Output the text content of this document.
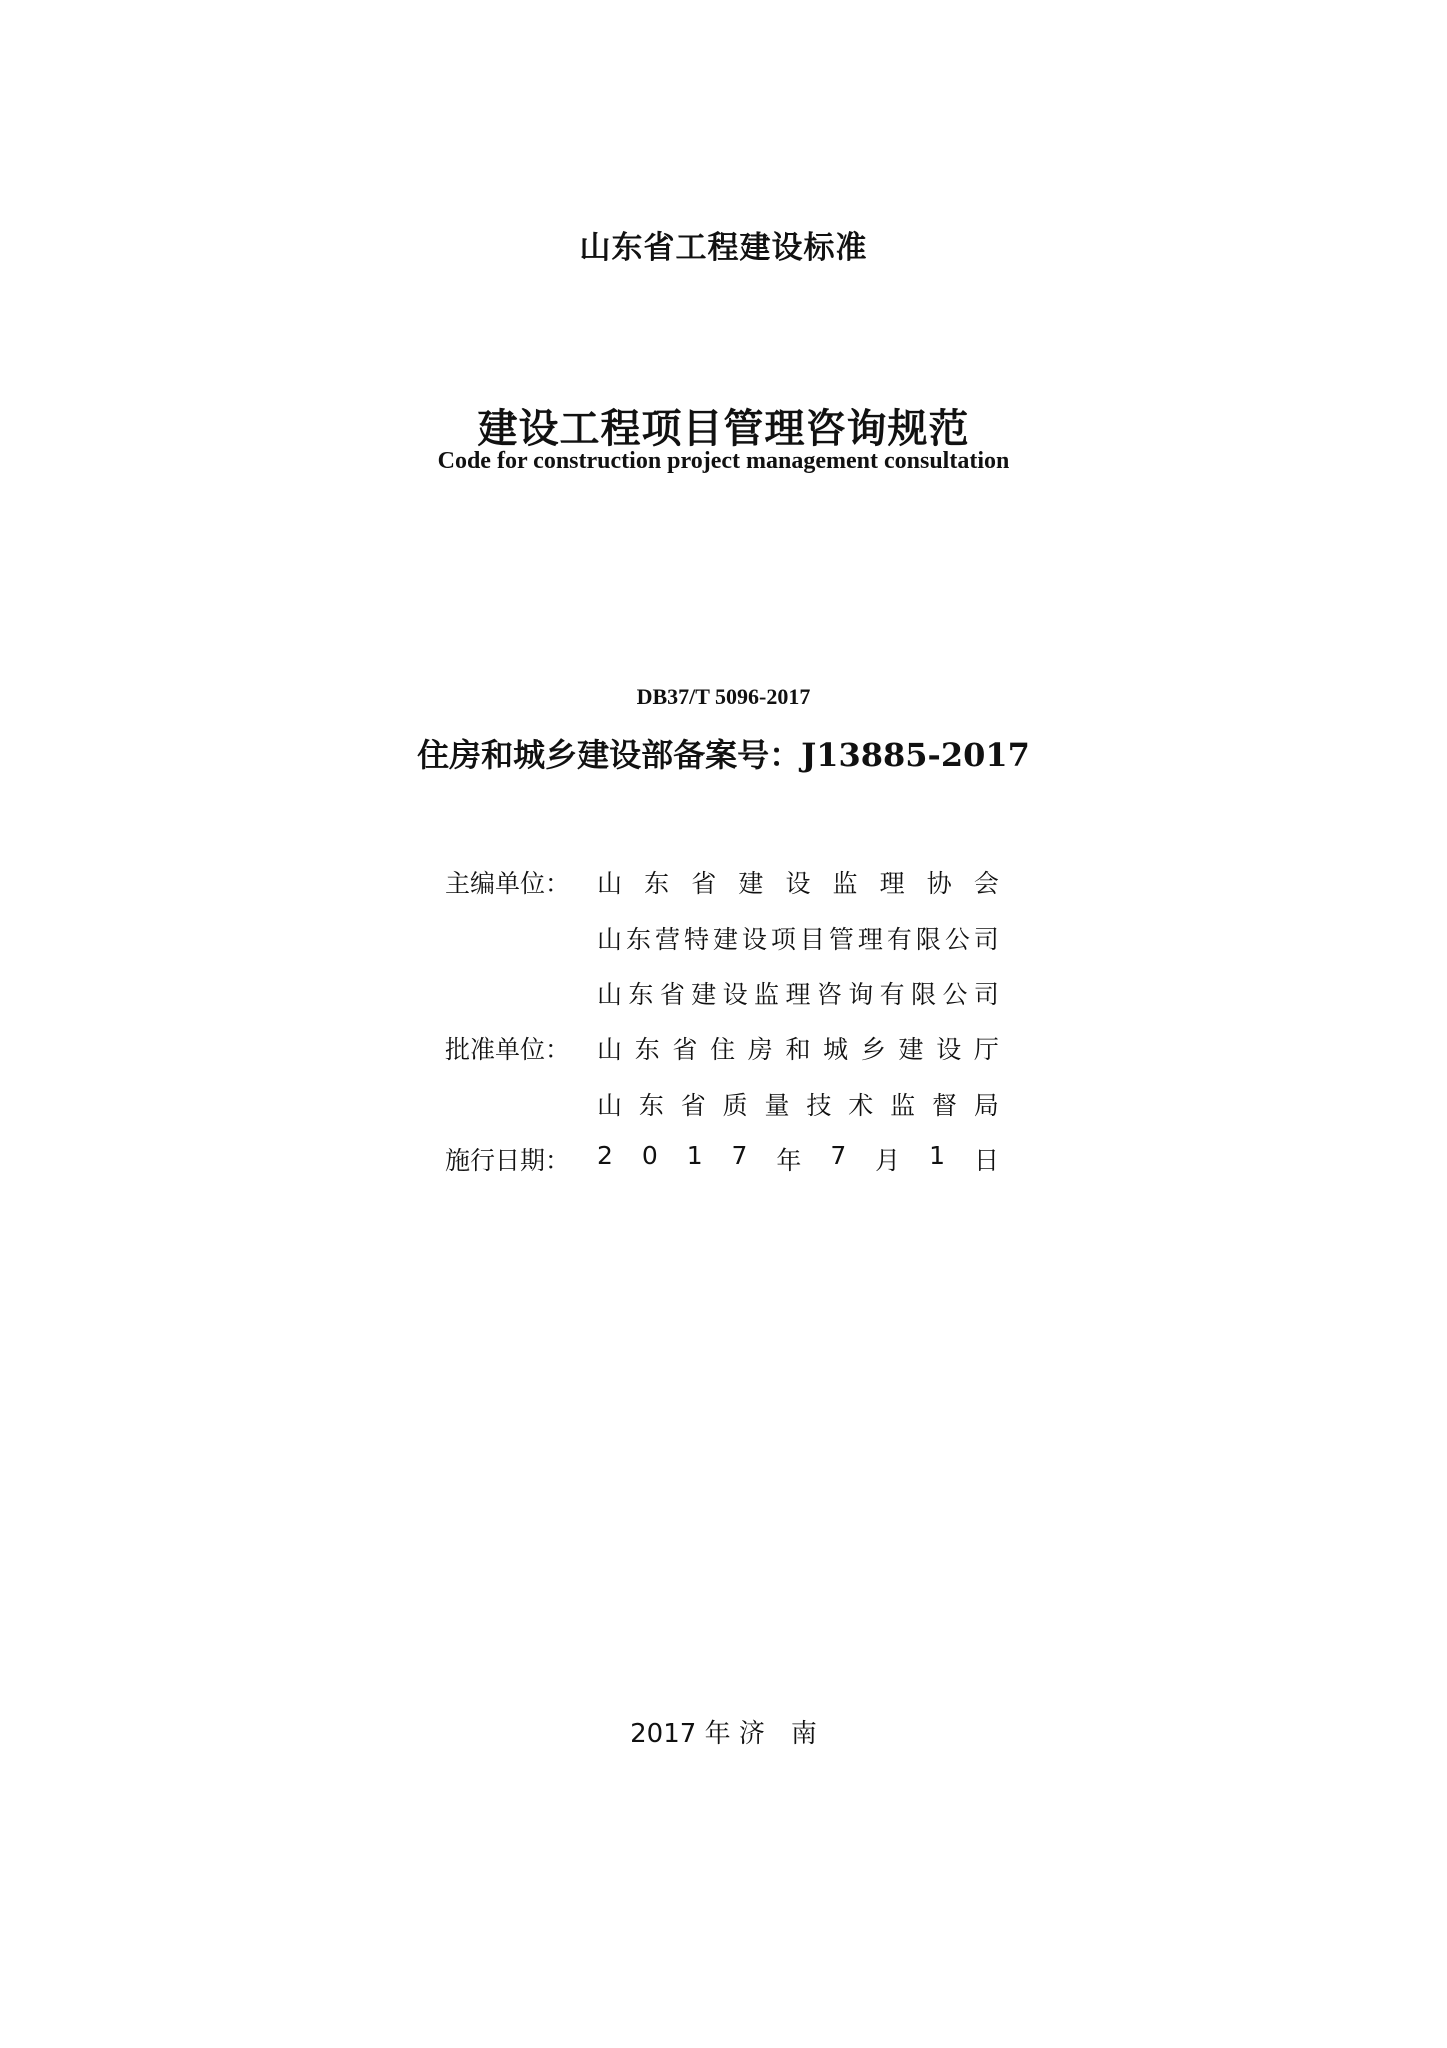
山东省工程建设标准
建设工程项目管理咨询规范
Code for construction project management consultation
DB37/T 5096-2017
住房和城乡建设部备案号：J13885-2017
主编单位： 山 东 省 建 设 监 理 协 会
山 东 营 特 建 设 项 目 管 理 有 限 公 司
山 东 省 建 设 监 理 咨 询 有 限 公 司
批准单位： 山 东 省 住 房 和 城 乡 建 设 厅
山 东 省 质 量 技 术 监 督 局
施行日期： 2 0 1 7 年 7 月 1 日
2017 年 济　南
